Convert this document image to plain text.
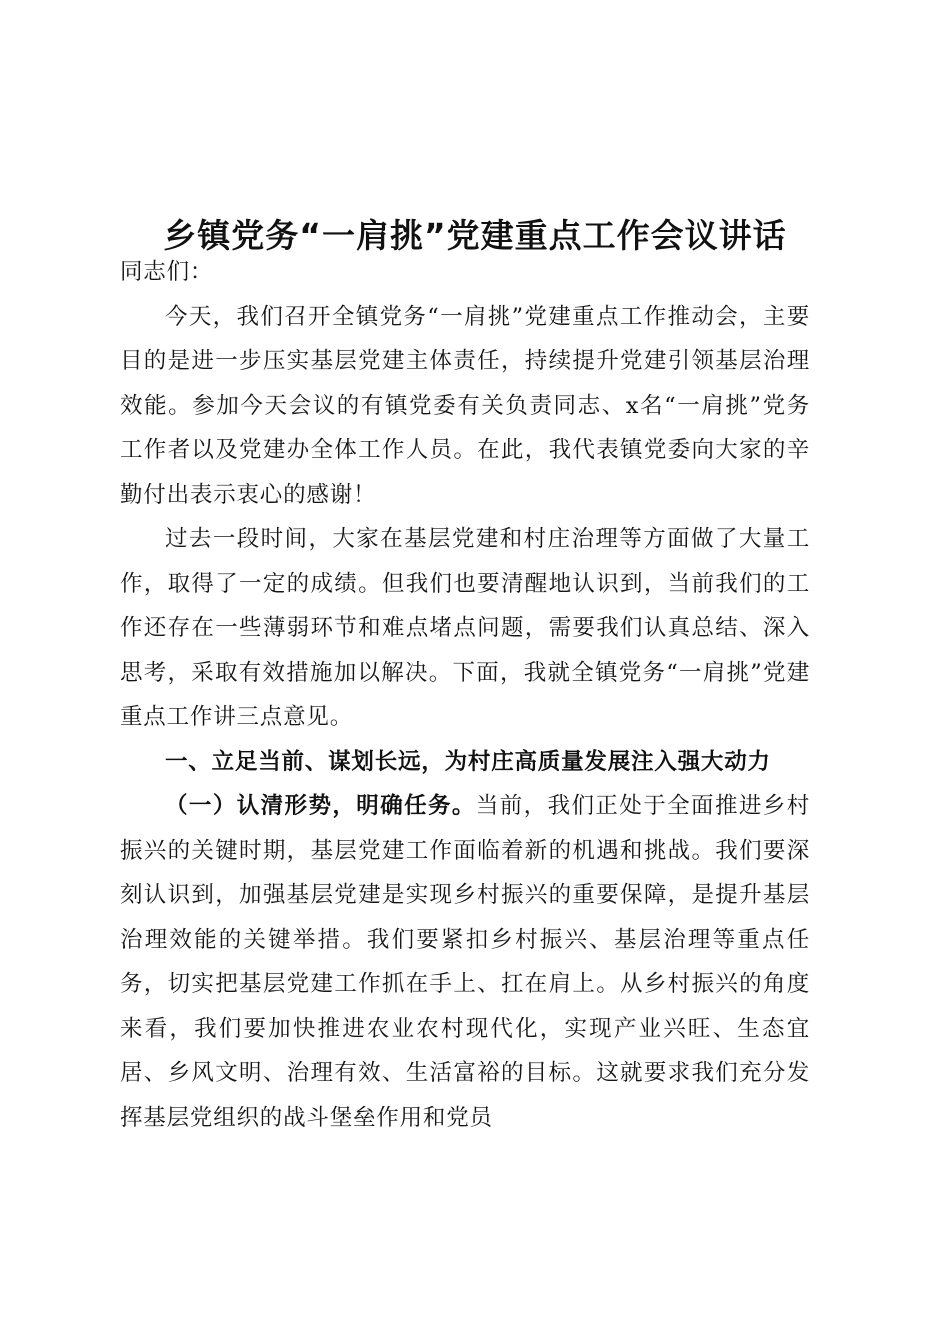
乡镇党务“一肩挑”党建重点工作会议讲话

同志们：

今天，我们召开全镇党务“一肩挑”党建重点工作推动会，主要目的是进一步压实基层党建主体责任，持续提升党建引领基层治理效能。参加今天会议的有镇党委有关负责同志、x名“一肩挑”党务工作者以及党建办全体工作人员。在此，我代表镇党委向大家的辛勤付出表示衷心的感谢！

过去一段时间，大家在基层党建和村庄治理等方面做了大量工作，取得了一定的成绩。但我们也要清醒地认识到，当前我们的工作还存在一些薄弱环节和难点堵点问题，需要我们认真总结、深入思考，采取有效措施加以解决。下面，我就全镇党务“一肩挑”党建重点工作讲三点意见。

一、立足当前、谋划长远，为村庄高质量发展注入强大动力

（一）认清形势，明确任务。当前，我们正处于全面推进乡村振兴的关键时期，基层党建工作面临着新的机遇和挑战。我们要深刻认识到，加强基层党建是实现乡村振兴的重要保障，是提升基层治理效能的关键举措。我们要紧扣乡村振兴、基层治理等重点任务，切实把基层党建工作抓在手上、扛在肩上。从乡村振兴的角度来看，我们要加快推进农业农村现代化，实现产业兴旺、生态宜居、乡风文明、治理有效、生活富裕的目标。这就要求我们充分发挥基层党组织的战斗堡垒作用和党员
